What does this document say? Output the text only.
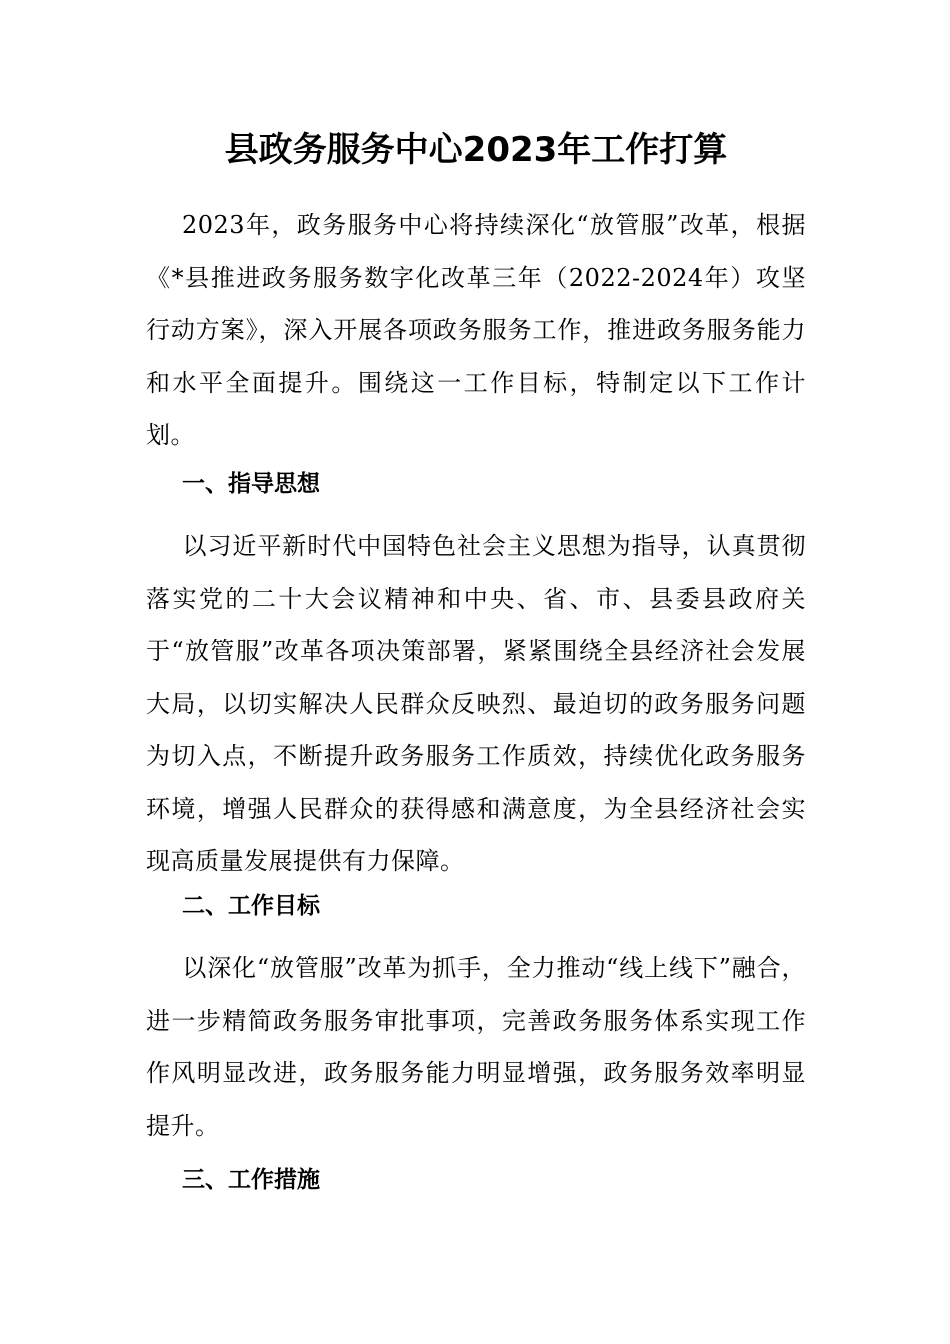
县政务服务中心2023年工作打算

2023年，政务服务中心将持续深化“放管服”改革，根据《*县推进政务服务数字化改革三年（2022-2024年）攻坚行动方案》，深入开展各项政务服务工作，推进政务服务能力和水平全面提升。围绕这一工作目标，特制定以下工作计划。

一、指导思想

以习近平新时代中国特色社会主义思想为指导，认真贯彻落实党的二十大会议精神和中央、省、市、县委县政府关于“放管服”改革各项决策部署，紧紧围绕全县经济社会发展大局，以切实解决人民群众反映烈、最迫切的政务服务问题为切入点，不断提升政务服务工作质效，持续优化政务服务环境，增强人民群众的获得感和满意度，为全县经济社会实现高质量发展提供有力保障。

二、工作目标

以深化“放管服”改革为抓手，全力推动“线上线下”融合，进一步精简政务服务审批事项，完善政务服务体系实现工作作风明显改进，政务服务能力明显增强，政务服务效率明显提升。

三、工作措施
